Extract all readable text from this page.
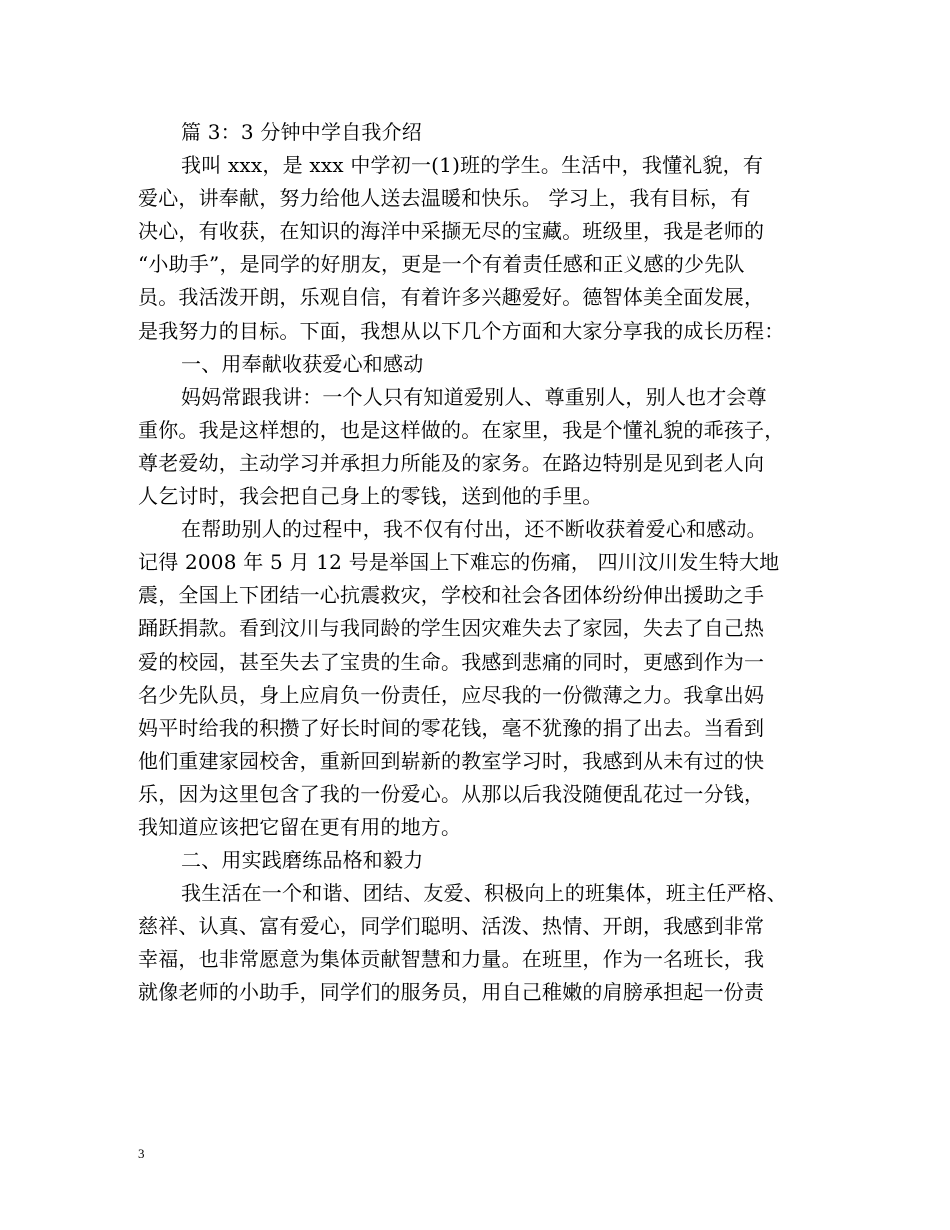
篇 3：3 分钟中学自我介绍
我叫 xxx，是 xxx 中学初一(1)班的学生。生活中，我懂礼貌，有
爱心，讲奉献，努力给他人送去温暖和快乐。 学习上，我有目标，有
决心，有收获，在知识的海洋中采撷无尽的宝藏。班级里，我是老师的
“小助手”，是同学的好朋友，更是一个有着责任感和正义感的少先队
员。我活泼开朗，乐观自信，有着许多兴趣爱好。德智体美全面发展，
是我努力的目标。下面，我想从以下几个方面和大家分享我的成长历程：
一、用奉献收获爱心和感动
妈妈常跟我讲：一个人只有知道爱别人、尊重别人，别人也才会尊
重你。我是这样想的，也是这样做的。在家里，我是个懂礼貌的乖孩子，
尊老爱幼，主动学习并承担力所能及的家务。在路边特别是见到老人向
人乞讨时，我会把自己身上的零钱，送到他的手里。
在帮助别人的过程中，我不仅有付出，还不断收获着爱心和感动。
记得 2008 年 5 月 12 号是举国上下难忘的伤痛， 四川汶川发生特大地
震，全国上下团结一心抗震救灾，学校和社会各团体纷纷伸出援助之手
踊跃捐款。看到汶川与我同龄的学生因灾难失去了家园，失去了自己热
爱的校园，甚至失去了宝贵的生命。我感到悲痛的同时，更感到作为一
名少先队员，身上应肩负一份责任，应尽我的一份微薄之力。我拿出妈
妈平时给我的积攒了好长时间的零花钱，毫不犹豫的捐了出去。当看到
他们重建家园校舍，重新回到崭新的教室学习时，我感到从未有过的快
乐，因为这里包含了我的一份爱心。从那以后我没随便乱花过一分钱，
我知道应该把它留在更有用的地方。
二、用实践磨练品格和毅力
我生活在一个和谐、团结、友爱、积极向上的班集体，班主任严格、
慈祥、认真、富有爱心，同学们聪明、活泼、热情、开朗，我感到非常
幸福，也非常愿意为集体贡献智慧和力量。在班里，作为一名班长，我
就像老师的小助手，同学们的服务员，用自己稚嫩的肩膀承担起一份责
3
